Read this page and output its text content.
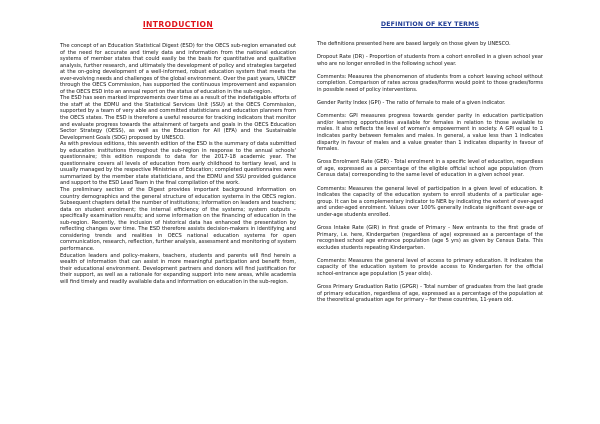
INTRODUCTION

The concept of an Education Statistical Digest (ESD) for the OECS sub-region emanated out of the need for accurate and timely data and information from the national education systems of member states that could easily be the basis for quantitative and qualitative analysis, further research, and ultimately the development of policy and strategies targeted at the on-going development of a well-informed, robust education system that meets the ever-evolving needs and challenges of the global environment. Over the past years, UNICEF through the OECS Commission, has supported the continuous improvement and expansion of the OECS ESD into an annual report on the status of education in the sub-region.

The ESD has seen marked improvements over time as a result of the indefatigable efforts of the staff at the EDMU and the Statistical Services Unit (SSU) at the OECS Commission, supported by a team of very able and committed statisticians and education planners from the OECS states. The ESD is therefore a useful resource for tracking indicators that monitor and evaluate progress towards the attainment of targets and goals in the OECS Education Sector Strategy (OESS), as well as the Education for All (EFA) and the Sustainable Development Goals (SDG) proposed by UNESCO.

As with previous editions, this seventh edition of the ESD is the summary of data submitted by education institutions throughout the sub-region in response to the annual schools' questionnaire; this edition responds to data for the 2017-18 academic year. The questionnaire covers all levels of education from early childhood to tertiary level, and is usually managed by the respective Ministries of Education; completed questionnaires were summarized by the member state statisticians, and the EDMU and SSU provided guidance and support to the ESD Lead Team in the final compilation of the work.

The preliminary section of the Digest provides important background information on country demographics and the general structure of education systems in the OECS region. Subsequent chapters detail the number of institutions; information on leaders and teachers; data on student enrolment; the internal efficiency of the systems; system outputs – specifically examination results; and some information on the financing of education in the sub-region. Recently, the inclusion of historical data has enhanced the presentation by reflecting changes over time. The ESD therefore assists decision-makers in identifying and considering trends and realities in OECS national education systems for open communication, research, reflection, further analysis, assessment and monitoring of system performance.

Education leaders and policy-makers, teachers, students and parents will find herein a wealth of information that can assist in more meaningful participation and benefit from, their educational environment. Development partners and donors will find justification for their support, as well as a rationale for expanding support into new areas, while academia will find timely and readily available data and information on education in the sub-region.

DEFINITION OF KEY TERMS

The definitions presented here are based largely on those given by UNESCO.

Dropout Rate (DR) - Proportion of students from a cohort enrolled in a given school year who are no longer enrolled in the following school year.

Comments: Measures the phenomenon of students from a cohort leaving school without completion. Comparison of rates across grades/forms would point to those grades/forms in possible need of policy interventions.

Gender Parity Index (GPI) - The ratio of female to male of a given indicator.

Comments: GPI measures progress towards gender parity in education participation and/or learning opportunities available for females in relation to those available to males. It also reflects the level of women's empowerment in society. A GPI equal to 1 indicates parity between females and males. In general, a value less than 1 indicates disparity in favour of males and a value greater than 1 indicates disparity in favour of females.

Gross Enrolment Rate (GER) - Total enrolment in a specific level of education, regardless of age, expressed as a percentage of the eligible official school age population (from Census data) corresponding to the same level of education in a given school year.

Comments: Measures the general level of participation in a given level of education. It indicates the capacity of the education system to enroll students of a particular age-group. It can be a complementary indicator to NER by indicating the extent of over-aged and under-aged enrolment. Values over 100% generally indicate significant over-age or under-age students enrolled.

Gross Intake Rate (GIR) in first grade of Primary - New entrants to the first grade of Primary, i.e. here, Kindergarten (regardless of age) expressed as a percentage of the recognised school age entrance population (age 5 yrs) as given by Census Data. This excludes students repeating Kindergarten.

Comments: Measures the general level of access to primary education. It indicates the capacity of the education system to provide access to Kindergarten for the official school-entrance age population (5 year olds).

Gross Primary Graduation Ratio (GPGR) - Total number of graduates from the last grade of primary education, regardless of age, expressed as a percentage of the population at the theoretical graduation age for primary – for these countries, 11-years old.
